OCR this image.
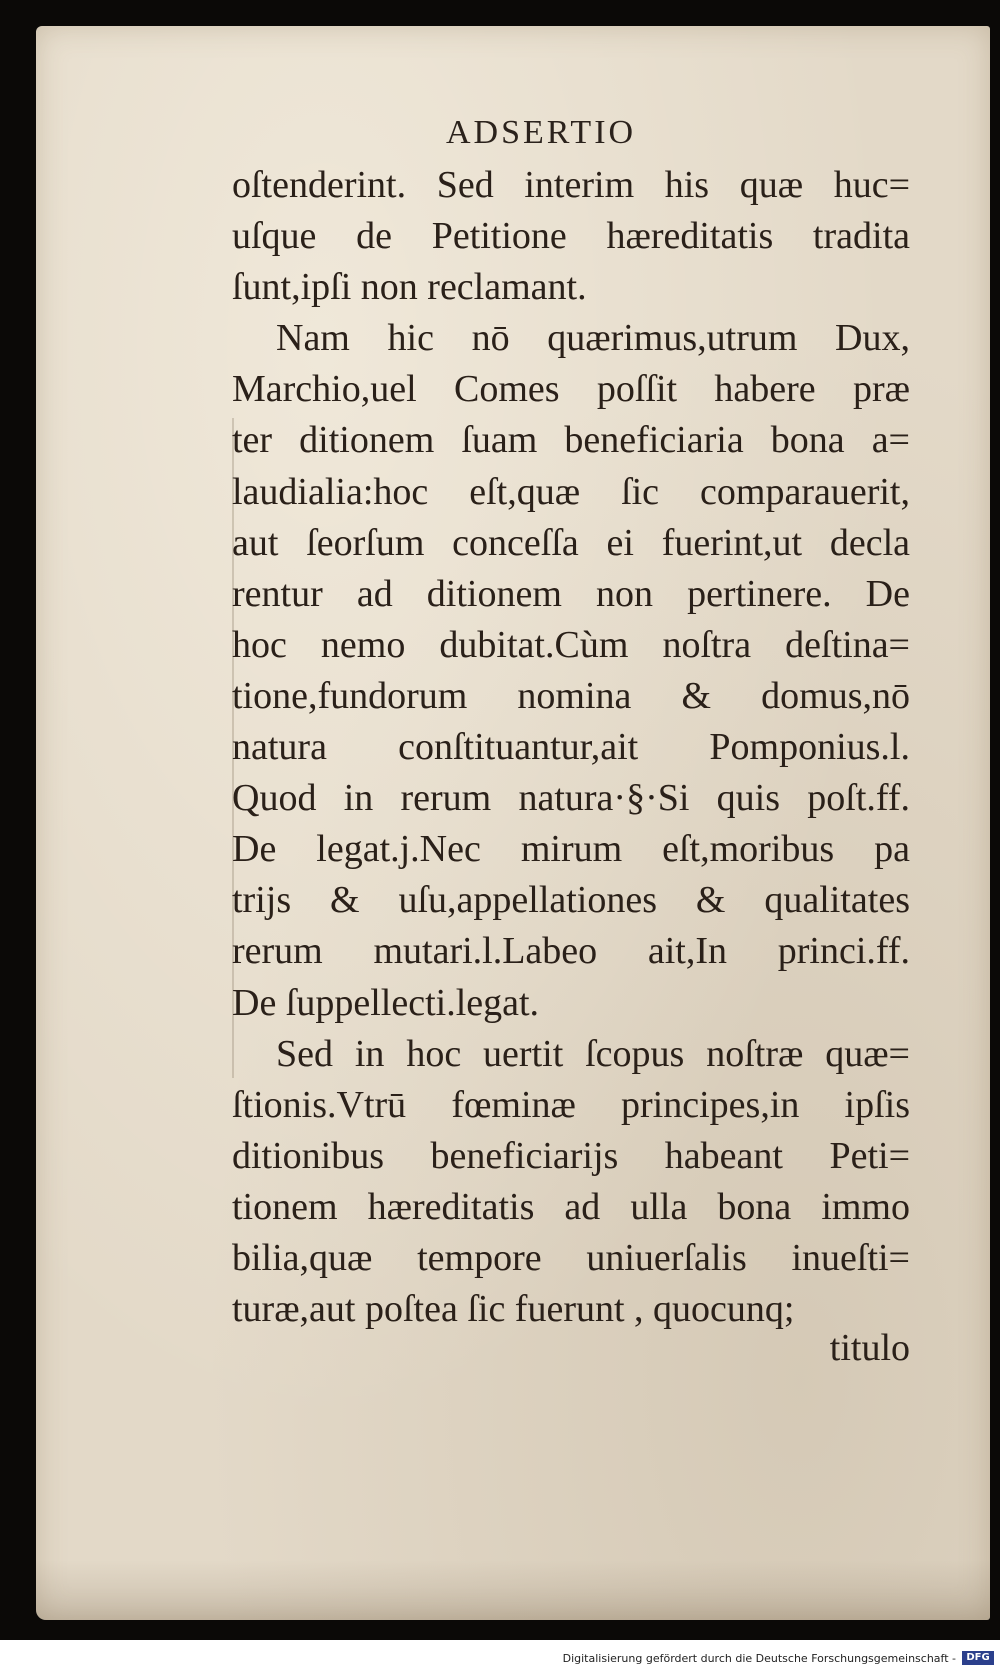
ADSERTIO
oſtenderint. Sed interim his quæ huc=
uſque de Petitione hæreditatis tradita
ſunt,ipſi non reclamant.
Nam hic nō quærimus,utrum Dux,
Marchio,uel Comes poſſit habere præ
ter ditionem ſuam beneficiaria bona a=
laudialia:hoc eſt,quæ ſic comparauerit,
aut ſeorſum conceſſa ei fuerint,ut decla
rentur ad ditionem non pertinere. De
hoc nemo dubitat.Cùm noſtra deſtina=
tione,fundorum nomina & domus,nō
natura conſtituantur,ait Pomponius.l.
Quod in rerum natura·§·Si quis poſt.ff.
De legat.j.Nec mirum eſt,moribus pa
trijs & uſu,appellationes & qualitates
rerum mutari.l.Labeo ait,In princi.ff.
De ſuppellecti.legat.
Sed in hoc uertit ſcopus noſtræ quæ=
ſtionis.Vtrū fœminæ principes,in ipſis
ditionibus beneficiarijs habeant Peti=
tionem hæreditatis ad ulla bona immo
bilia,quæ tempore uniuerſalis inueſti=
turæ,aut poſtea ſic fuerunt , quocunq;

titulo

Digitalisierung gefördert durch die Deutsche Forschungsgemeinschaft -	DFG
